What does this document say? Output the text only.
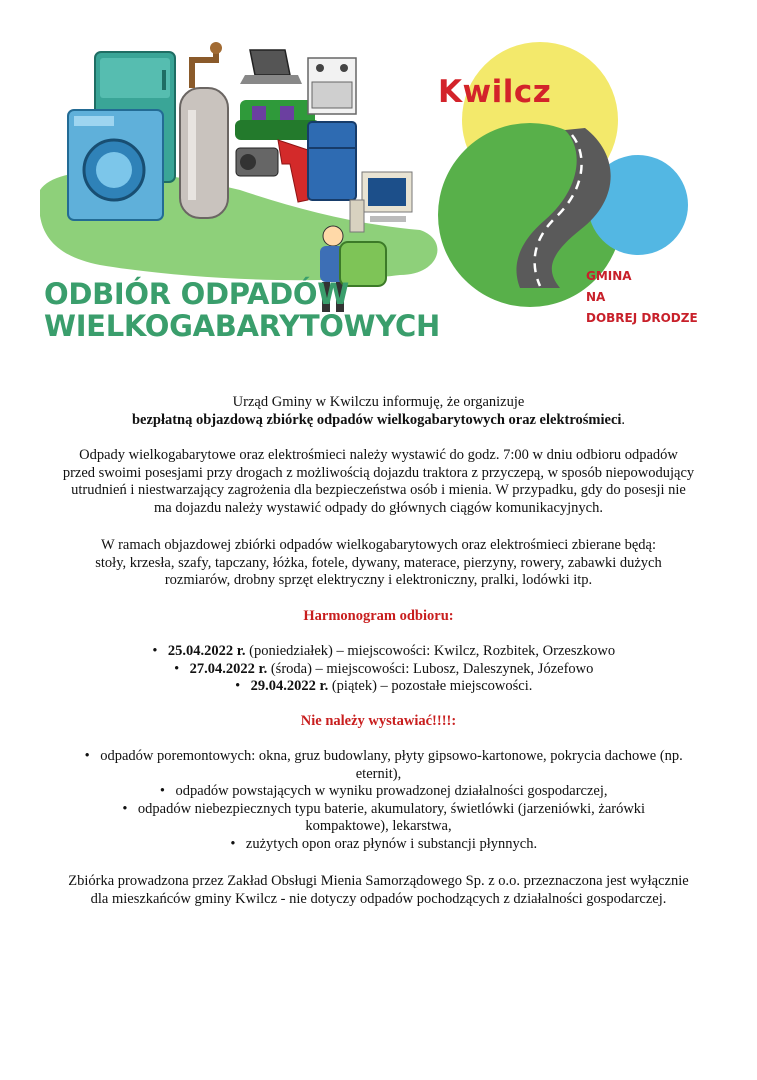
ODBIÓR ODPADÓW
WIELKOGABARYTOWYCH
Kwilcz
GMINA
NA
DOBREJ DRODZE
Urząd Gminy w Kwilczu informuję, że organizuje
bezpłatną objazdową zbiórkę odpadów wielkogabarytowych oraz elektrośmieci.
Odpady wielkogabarytowe oraz elektrośmieci należy wystawić do godz. 7:00 w dniu odbioru odpadów
przed swoimi posesjami przy drogach z możliwością dojazdu traktora z przyczepą, w sposób niepowodujący
utrudnień i niestwarzający zagrożenia dla bezpieczeństwa osób i mienia. W przypadku, gdy do posesji nie
ma dojazdu należy wystawić odpady do głównych ciągów komunikacyjnych.
W ramach objazdowej zbiórki odpadów wielkogabarytowych oraz elektrośmieci zbierane będą:
stoły, krzesła, szafy, tapczany, łóżka, fotele, dywany, materace, pierzyny, rowery, zabawki dużych
rozmiarów, drobny sprzęt elektryczny i elektroniczny, pralki, lodówki itp.
Harmonogram odbioru:
• 25.04.2022 r. (poniedziałek) – miejscowości: Kwilcz, Rozbitek, Orzeszkowo
• 27.04.2022 r. (środa) – miejscowości: Lubosz, Daleszynek, Józefowo
• 29.04.2022 r. (piątek) – pozostałe miejscowości.
Nie należy wystawiać!!!!:
• odpadów poremontowych: okna, gruz budowlany, płyty gipsowo-kartonowe, pokrycia dachowe (np.
eternit),
• odpadów powstających w wyniku prowadzonej działalności gospodarczej,
• odpadów niebezpiecznych typu baterie, akumulatory, świetlówki (jarzeniówki, żarówki
kompaktowe), lekarstwa,
• zużytych opon oraz płynów i substancji płynnych.
Zbiórka prowadzona przez Zakład Obsługi Mienia Samorządowego Sp. z o.o. przeznaczona jest wyłącznie
dla mieszkańców gminy Kwilcz - nie dotyczy odpadów pochodzących z działalności gospodarczej.
